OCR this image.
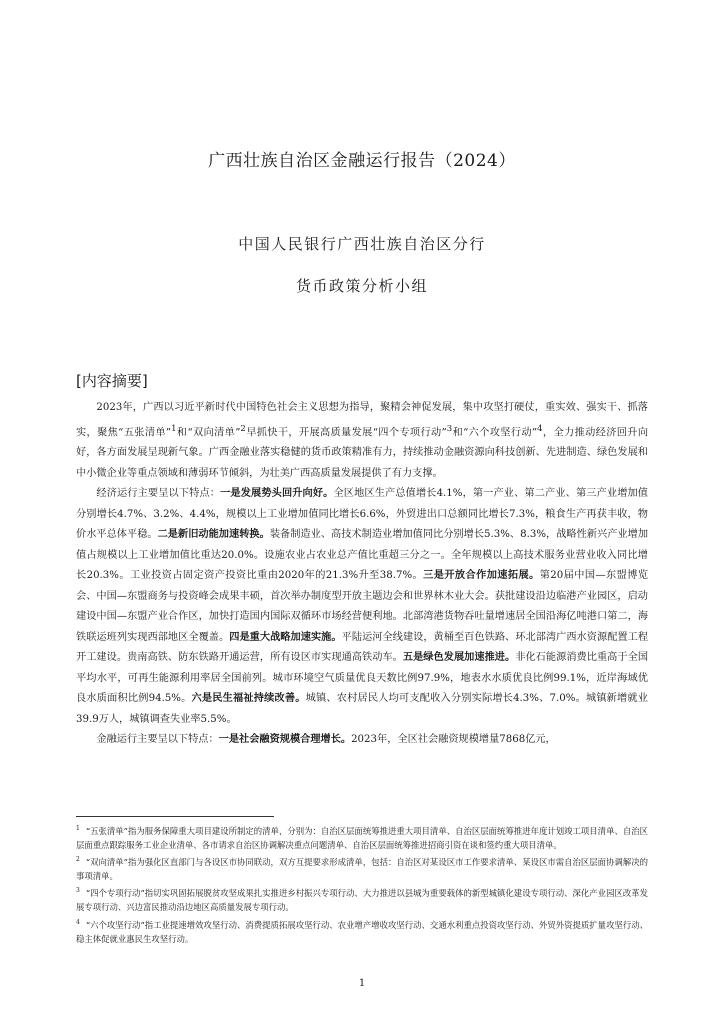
广西壮族自治区金融运行报告（2024）
中国人民银行广西壮族自治区分行
货币政策分析小组
[内容摘要]

2023年，广西以习近平新时代中国特色社会主义思想为指导，聚精会神促发展，集中攻坚打硬仗，重实效、强实干、抓落实，聚焦“五张清单”$^1$和“双向清单”$^2$早抓快干，开展高质量发展“四个专项行动”$^3$和“六个攻坚行动”$^4$，全力推动经济回升向好，各方面发展呈现新气象。广西金融业落实稳健的货币政策精准有力，持续推动金融资源向科技创新、先进制造、绿色发展和中小微企业等重点领域和薄弱环节倾斜，为壮美广西高质量发展提供了有力支撑。

经济运行主要呈以下特点：一是发展势头回升向好。全区地区生产总值增长4.1%，第一产业、第二产业、第三产业增加值分别增长4.7%、3.2%、4.4%，规模以上工业增加值同比增长6.6%，外贸进出口总额同比增长7.3%，粮食生产再获丰收，物价水平总体平稳。二是新旧动能加速转换。装备制造业、高技术制造业增加值同比分别增长5.3%、8.3%，战略性新兴产业增加值占规模以上工业增加值比重达20.0%。设施农业占农业总产值比重超三分之一。全年规模以上高技术服务业营业收入同比增长20.3%。工业投资占固定资产投资比重由2020年的21.3%升至38.7%。三是开放合作加速拓展。第20届中国—东盟博览会、中国—东盟商务与投资峰会成果丰硕，首次举办制度型开放主题边会和世界林木业大会。获批建设沿边临港产业园区，启动建设中国—东盟产业合作区，加快打造国内国际双循环市场经营便利地。北部湾港货物吞吐量增速居全国沿海亿吨港口第二，海铁联运班列实现西部地区全覆盖。四是重大战略加速实施。平陆运河全线建设，黄桶至百色铁路、环北部湾广西水资源配置工程开工建设。贵南高铁、防东铁路开通运营，所有设区市实现通高铁动车。五是绿色发展加速推进。非化石能源消费比重高于全国平均水平，可再生能源利用率居全国前列。城市环境空气质量优良天数比例97.9%，地表水水质优良比例99.1%，近岸海域优良水质面积比例94.5%。六是民生福祉持续改善。城镇、农村居民人均可支配收入分别实际增长4.3%、7.0%。城镇新增就业39.9万人，城镇调查失业率5.5%。

金融运行主要呈以下特点：一是社会融资规模合理增长。2023年，全区社会融资规模增量7868亿元，

$^1$ “五张清单”指为服务保障重大项目建设所制定的清单，分别为：自治区层面统筹推进重大项目清单、自治区层面统筹推进年度计划竣工项目清单、自治区层面重点跟踪服务工业企业清单、各市请求自治区协调解决重点问题清单、自治区层面统筹推进招商引资在谈和签约重大项目清单。
$^2$ “双向清单”指为强化区直部门与各设区市协同联动，双方互提要求形成清单，包括：自治区对某设区市工作要求清单、某设区市需自治区层面协调解决的事项清单。
$^3$ “四个专项行动”指切实巩固拓展脱贫攻坚成果扎实推进乡村振兴专项行动、大力推进以县城为重要载体的新型城镇化建设专项行动、深化产业园区改革发展专项行动、兴边富民推动沿边地区高质量发展专项行动。
$^4$ “六个攻坚行动”指工业提速增效攻坚行动、消费提质拓展攻坚行动、农业增产增收攻坚行动、交通水利重点投资攻坚行动、外贸外资提质扩量攻坚行动、稳主体促就业惠民生攻坚行动。
1
